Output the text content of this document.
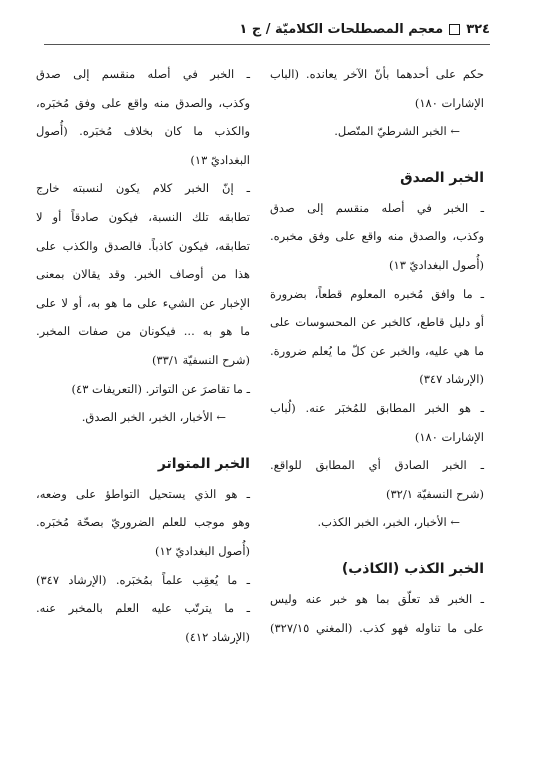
٣٢٤
معجم المصطلحات الكلاميّة / ج ١
حكم على أحدهما بأنّ الآخر يعانده. (الباب
الإشارات ١٨٠)
← الخبر الشرطيّ المتّصل.
الخبر الصدق
ـ الخبر في أصله منقسم إلى صدق
وكذب، والصدق منه واقع على وفق مخبره.
(أُصول البغداديّ ١٣)
ـ ما وافق مُخبره المعلوم قطعاً، بضرورة
أو دليل قاطع، كالخبر عن المحسوسات على
ما هي عليه، والخبر عن كلّ ما يُعلم ضرورة.
(الإرشاد ٣٤٧)
ـ هو الخبر المطابق للمُخبَر عنه. (لُباب
الإشارات ١٨٠)
ـ الخبر الصادق أي المطابق للواقع.
(شرح النسفيّة ٣٢/١)
← الأخبار، الخبر، الخبر الكذب.
الخبر الكذب (الكاذب)
ـ الخبر قد تعلّق بما هو خبر عنه وليس
على ما تناوله فهو كذب. (المغني ٣٢٧/١٥)
ـ الخبر في أصله منقسم إلى صدق
وكذب، والصدق منه واقع على وفق مُخبَره،
والكذب ما كان بخلاف مُخبَره. (أُصول
البغداديّ ١٣)
ـ إنّ الخبر كلام يكون لنسبته خارج
تطابقه تلك النسبة، فيكون صادقاً أو لا
تطابقه، فيكون كاذباً. فالصدق والكذب على
هذا من أوصاف الخبر. وقد يقالان بمعنى
الإخبار عن الشيء على ما هو به، أو لا على
ما هو به ... فيكونان من صفات المخبر.
(شرح النسفيّة ٣٣/١)
ـ ما تقاصرَ عن التواتر. (التعريفات ٤٣)
← الأخبار، الخبر، الخبر الصدق.
الخبر المتواتر
ـ هو الذي يستحيل التواطؤ على وضعه،
وهو موجب للعلم الضروريّ بصحّة مُخبَره.
(أُصول البغداديّ ١٢)
ـ ما يُعقِب علماً بمُخبَره. (الإرشاد ٣٤٧)
ـ ما يترتّب عليه العلم بالمخبر عنه.
(الإرشاد ٤١٢)
